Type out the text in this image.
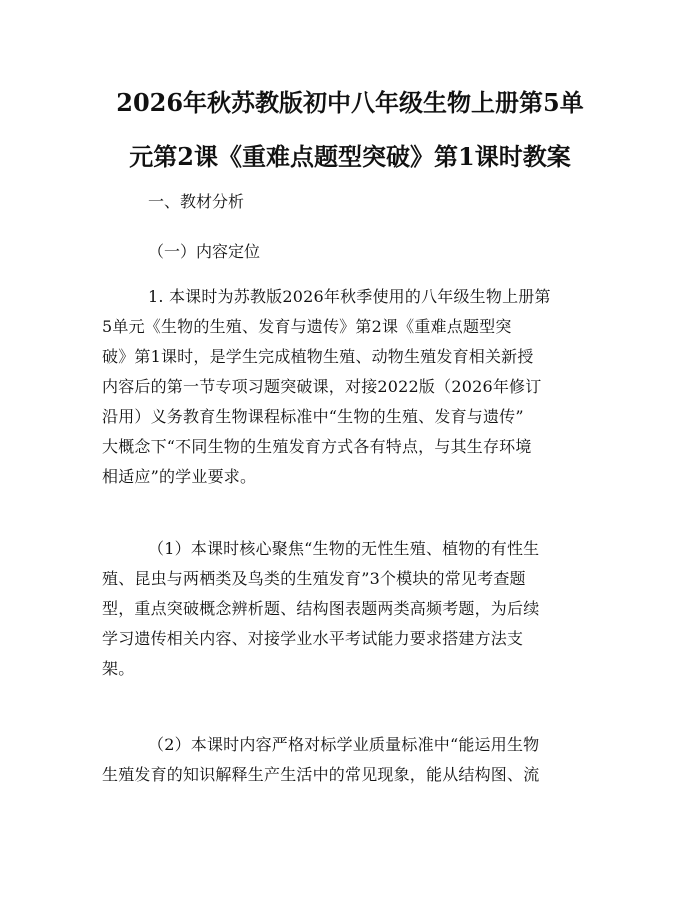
2026年秋苏教版初中八年级生物上册第5单
元第2课《重难点题型突破》第1课时教案

一、教材分析

（一）内容定位

1. 本课时为苏教版2026年秋季使用的八年级生物上册第
5单元《生物的生殖、发育与遗传》第2课《重难点题型突
破》第1课时，是学生完成植物生殖、动物生殖发育相关新授
内容后的第一节专项习题突破课，对接2022版（2026年修订
沿用）义务教育生物课程标准中“生物的生殖、发育与遗传”
大概念下“不同生物的生殖发育方式各有特点，与其生存环境
相适应”的学业要求。
（1）本课时核心聚焦“生物的无性生殖、植物的有性生
殖、昆虫与两栖类及鸟类的生殖发育”3个模块的常见考查题
型，重点突破概念辨析题、结构图表题两类高频考题，为后续
学习遗传相关内容、对接学业水平考试能力要求搭建方法支
架。
（2）本课时内容严格对标学业质量标准中“能运用生物
生殖发育的知识解释生产生活中的常见现象，能从结构图、流
